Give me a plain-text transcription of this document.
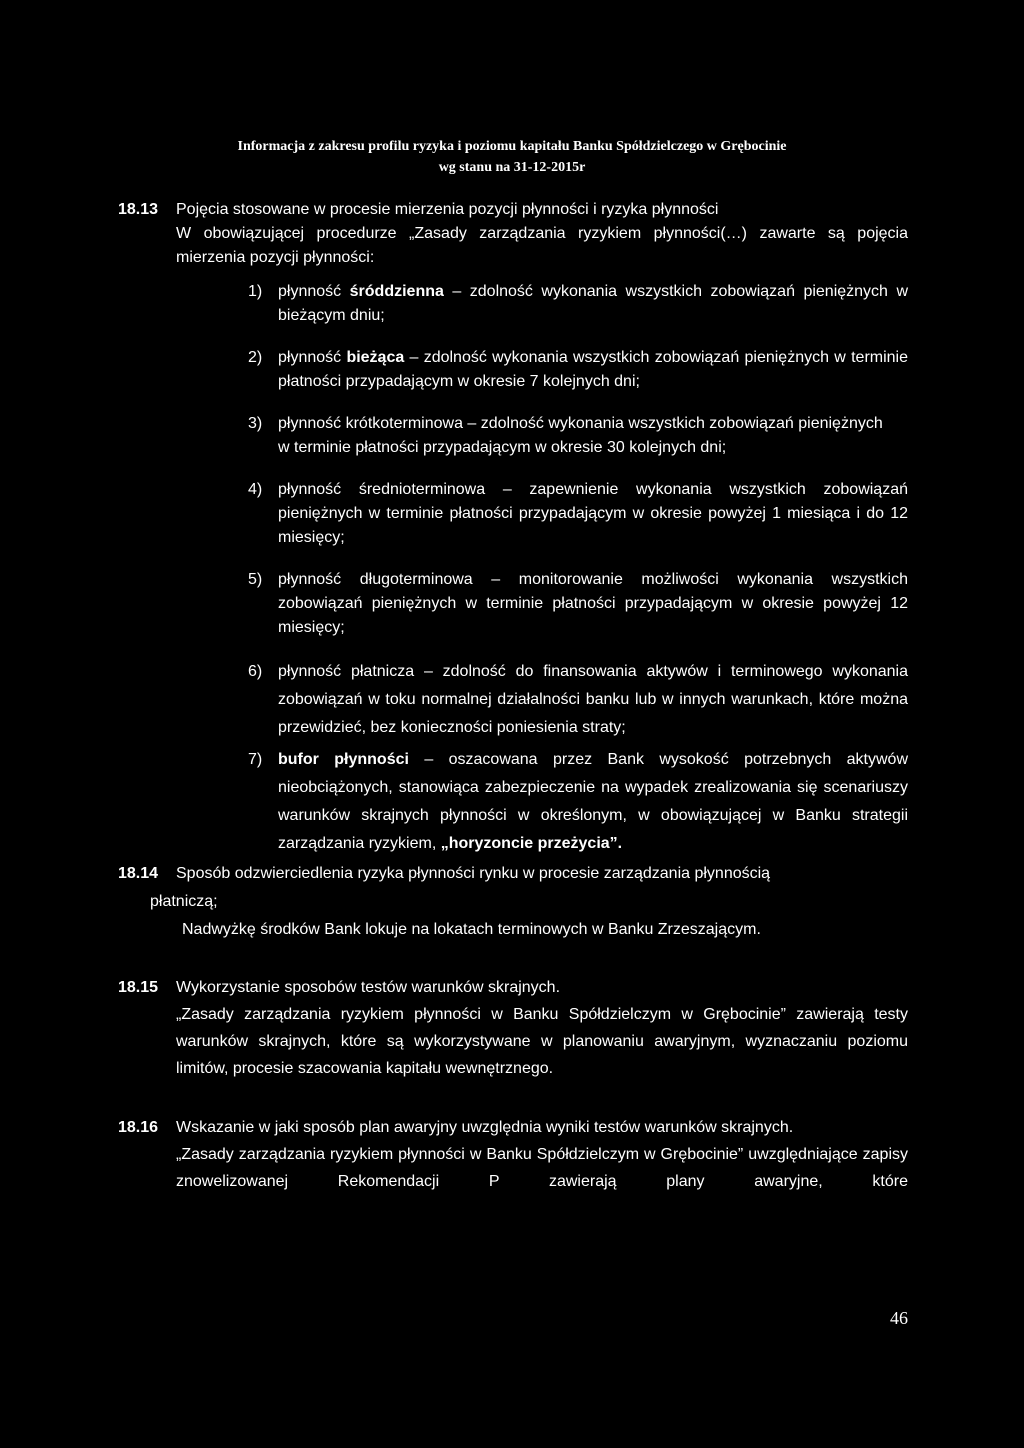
Informacja z zakresu profilu ryzyka i poziomu kapitału Banku Spółdzielczego w Grębocinie
wg stanu na 31-12-2015r
18.13	Pojęcia stosowane w procesie mierzenia pozycji płynności i ryzyka płynności
W obowiązującej procedurze „Zasady zarządzania ryzykiem płynności(…) zawarte są pojęcia mierzenia pozycji płynności:
1) płynność śróddzienna – zdolność wykonania wszystkich zobowiązań pieniężnych w bieżącym dniu;
2) płynność bieżąca – zdolność wykonania wszystkich zobowiązań pieniężnych w terminie płatności przypadającym w okresie 7 kolejnych dni;
3) płynność krótkoterminowa – zdolność wykonania wszystkich zobowiązań pieniężnych
w terminie płatności przypadającym w okresie 30 kolejnych dni;
4) płynność średnioterminowa – zapewnienie wykonania wszystkich zobowiązań pieniężnych w terminie płatności przypadającym w okresie powyżej 1 miesiąca i do 12 miesięcy;
5) płynność długoterminowa – monitorowanie możliwości wykonania wszystkich zobowiązań pieniężnych w terminie płatności przypadającym w okresie powyżej 12 miesięcy;
6) płynność płatnicza – zdolność do finansowania aktywów i terminowego wykonania zobowiązań w toku normalnej działalności banku lub w innych warunkach, które można przewidzieć, bez konieczności poniesienia straty;
7) bufor płynności – oszacowana przez Bank wysokość potrzebnych aktywów nieobciążonych, stanowiąca zabezpieczenie na wypadek zrealizowania się scenariuszy warunków skrajnych płynności w określonym, w obowiązującej w Banku strategii zarządzania ryzykiem, „horyzoncie przeżycia”.
18.14	Sposób odzwierciedlenia ryzyka płynności rynku w procesie zarządzania płynnością
płatniczą;
Nadwyżkę środków Bank lokuje na lokatach terminowych w Banku Zrzeszającym.
18.15	Wykorzystanie sposobów testów warunków skrajnych.
„Zasady zarządzania ryzykiem płynności w Banku Spółdzielczym w Grębocinie” zawierają testy warunków skrajnych, które są wykorzystywane w planowaniu awaryjnym, wyznaczaniu poziomu limitów, procesie szacowania kapitału wewnętrznego.
18.16	Wskazanie w jaki sposób plan awaryjny uwzględnia wyniki testów warunków skrajnych.
„Zasady zarządzania ryzykiem płynności w Banku Spółdzielczym w Grębocinie” uwzględniające zapisy znowelizowanej Rekomendacji P zawierają plany awaryjne, które
46
